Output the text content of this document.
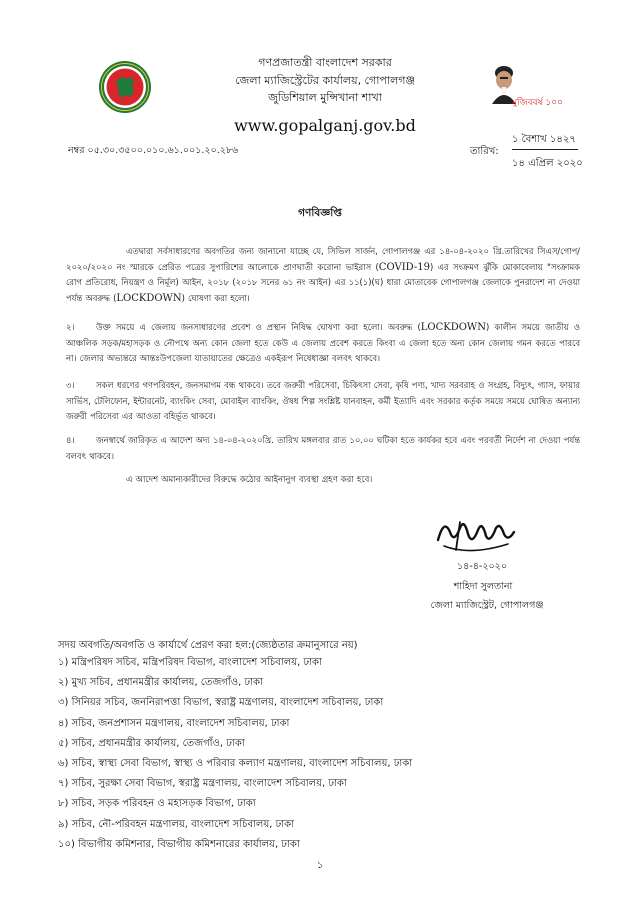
মুজিববর্ষ ১০০
গণপ্রজাতন্ত্রী বাংলাদেশ সরকার
জেলা ম্যাজিস্ট্রেটের কার্যালয়, গোপালগঞ্জ
জুডিশিয়াল মুন্সিখানা শাখা
www.gopalganj.gov.bd
নম্বর ০৫.৩০.৩৫০০.০১০.৬১.০০১.২০.২৮৬	তারিখ:
১ বৈশাখ ১৪২৭
১৪ এপ্রিল ২০২০
গণবিজ্ঞপ্তি
এতদ্বারা সর্বসাধারণের অবগতির জন্য জানানো যাচ্ছে যে, সিভিল সার্জন, গোপালগঞ্জ এর ১৪-০৪-২০২০ খ্রি.তারিখের সিএস/গোপ/২০২০/২০২০ নং স্মারকে প্রেরিত পত্রের সুপারিশের আলোকে প্রাণঘাতী করোনা ভাইরাস (COVID-19) এর সংক্রমণ ঝুঁকি মোকাবেলায় "সংক্রামক রোগ প্রতিরোধ, নিয়ন্ত্রণ ও নির্মূল) আইন, ২০১৮ (২০১৮ সনের ৬১ নং আইন) এর ১১(১)(ঘ) ধারা মোতাবেক গোপালগঞ্জ জেলাকে পুনরাদেশ না দেওয়া পর্যন্ত অবরুদ্ধ (LOCKDOWN) ঘোষণা করা হলো।
২।	উক্ত সময়ে এ জেলায় জনসাধারণের প্রবেশ ও প্রস্থান নিষিদ্ধ ঘোষণা করা হলো। অবরুদ্ধ (LOCKDOWN) কালীন সময়ে জাতীয় ও আঞ্চলিক সড়ক/মহাসড়ক ও নৌপথে অন্য কোন জেলা হতে কেউ এ জেলায় প্রবেশ করতে কিংবা এ জেলা হতে অন্য কোন জেলায় গমন করতে পারবে না। জেলার অভ্যন্তরে আন্তঃউপজেলা যাতায়াতের ক্ষেত্রেও একইরূপ নিষেধাজ্ঞা বলবৎ থাকবে।
৩।	সকল ধরণের গণপরিবহন, জনসমাগম বন্ধ থাকবে। তবে জরুরী পরিসেবা, চিকিৎসা সেবা, কৃষি পণ্য, খাদ্য সরবরাহ ও সংগ্রহ, বিদ্যুৎ, গ্যাস, ফায়ার সার্ভিস, টেলিফোন, ইন্টারনেট, ব্যাংকিং সেবা, মোবাইল ব্যাংকিং, ঔষধ শিল্প সংশ্লিষ্ট যানবাহন, কর্মী ইত্যাদি এবং সরকার কর্তৃক সময়ে সময়ে ঘোষিত অন্যান্য জরুরী পরিসেবা এর আওতা বহির্ভূত থাকবে।
৪।	জনস্বার্থে জারিকৃত এ আদেশ অদ্য ১৪-০৪-২০২০খ্রি. তারিখ মঙ্গলবার রাত ১০.০০ ঘটিকা হতে কার্যকর হবে এবং পরবর্তী নির্দেশ না দেওয়া পর্যন্ত বলবৎ থাকবে।
এ আদেশ অমান্যকারীদের বিরুদ্ধে কঠোর আইনানুগ ব্যবস্থা গ্রহণ করা হবে।
১৪-৪-২০২০
শাহিদা সুলতানা
জেলা ম্যাজিস্ট্রেট, গোপালগঞ্জ
সদয় অবগতি/অবগতি ও কার্যার্থে প্রেরণ করা হল:(জ্যেষ্ঠতার ক্রমানুসারে নয়)
১) মন্ত্রিপরিষদ সচিব, মন্ত্রিপরিষদ বিভাগ, বাংলাদেশ সচিবালয়, ঢাকা
২) মুখ্য সচিব, প্রধানমন্ত্রীর কার্যালয়, তেজগাঁও, ঢাকা
৩) সিনিয়র সচিব, জননিরাপত্তা বিভাগ, স্বরাষ্ট্র মন্ত্রণালয়, বাংলাদেশ সচিবালয়, ঢাকা
৪) সচিব, জনপ্রশাসন মন্ত্রণালয়, বাংলাদেশ সচিবালয়, ঢাকা
৫) সচিব, প্রধানমন্ত্রীর কার্যালয়, তেজগাঁও, ঢাকা
৬) সচিব, স্বাস্থ্য সেবা বিভাগ, স্বাস্থ্য ও পরিবার কল্যাণ মন্ত্রণালয়, বাংলাদেশ সচিবালয়, ঢাকা
৭) সচিব, সুরক্ষা সেবা বিভাগ, স্বরাষ্ট্র মন্ত্রণালয়, বাংলাদেশ সচিবালয়, ঢাকা
৮) সচিব, সড়ক পরিবহন ও মহাসড়ক বিভাগ, ঢাকা
৯) সচিব, নৌ-পরিবহন মন্ত্রণালয়, বাংলাদেশ সচিবালয়, ঢাকা
১০) বিভাগীয় কমিশনার, বিভাগীয় কমিশনারের কার্যালয়, ঢাকা
১
